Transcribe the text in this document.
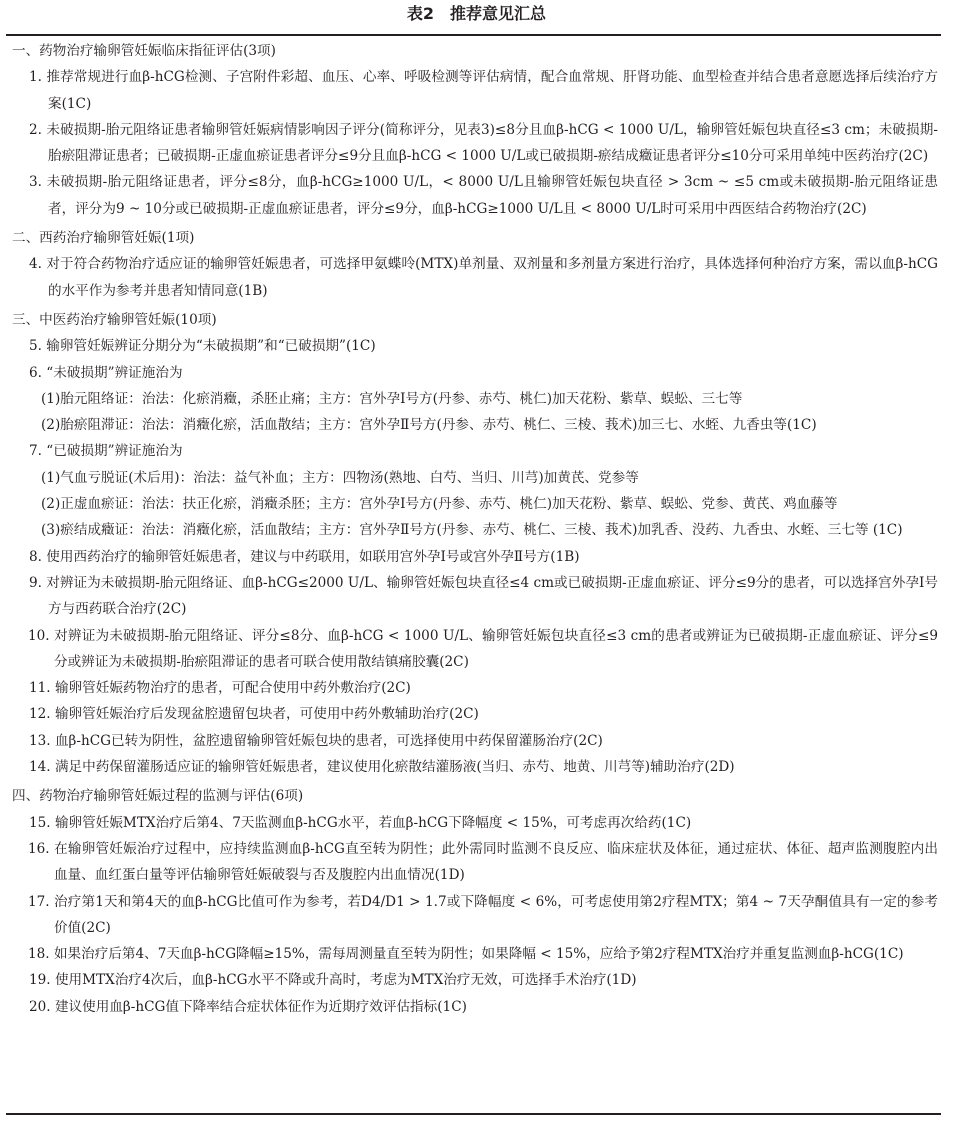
表2　推荐意见汇总

一、药物治疗输卵管妊娠临床指征评估(3项)

1. 推荐常规进行血β-hCG检测、子宫附件彩超、血压、心率、呼吸检测等评估病情，配合血常规、肝肾功能、血型检查并结合患者意愿选择后续治疗方案(1C)

2. 未破损期-胎元阻络证患者输卵管妊娠病情影响因子评分(简称评分，见表3)≤8分且血β-hCG < 1000 U/L，输卵管妊娠包块直径≤3 cm；未破损期-胎瘀阻滞证患者；已破损期-正虚血瘀证患者评分≤9分且血β-hCG < 1000 U/L或已破损期-瘀结成癥证患者评分≤10分可采用单纯中医药治疗(2C)

3. 未破损期-胎元阻络证患者，评分≤8分，血β-hCG≥1000 U/L，< 8000 U/L且输卵管妊娠包块直径 > 3cm ~ ≤5 cm或未破损期-胎元阻络证患者，评分为9 ~ 10分或已破损期-正虚血瘀证患者，评分≤9分，血β-hCG≥1000 U/L且 < 8000 U/L时可采用中西医结合药物治疗(2C)

二、西药治疗输卵管妊娠(1项)

4. 对于符合药物治疗适应证的输卵管妊娠患者，可选择甲氨蝶呤(MTX)单剂量、双剂量和多剂量方案进行治疗，具体选择何种治疗方案，需以血β-hCG的水平作为参考并患者知情同意(1B)

三、中医药治疗输卵管妊娠(10项)

5. 输卵管妊娠辨证分期分为“未破损期”和“已破损期”(1C)

6. “未破损期”辨证施治为

(1)胎元阻络证：治法：化瘀消癥，杀胚止痛；主方：宫外孕Ⅰ号方(丹参、赤芍、桃仁)加天花粉、紫草、蜈蚣、三七等

(2)胎瘀阻滞证：治法：消癥化瘀，活血散结；主方：宫外孕Ⅱ号方(丹参、赤芍、桃仁、三棱、莪术)加三七、水蛭、九香虫等(1C)

7. “已破损期”辨证施治为

(1)气血亏脱证(术后用)：治法：益气补血；主方：四物汤(熟地、白芍、当归、川芎)加黄芪、党参等

(2)正虚血瘀证：治法：扶正化瘀，消癥杀胚；主方：宫外孕Ⅰ号方(丹参、赤芍、桃仁)加天花粉、紫草、蜈蚣、党参、黄芪、鸡血藤等

(3)瘀结成癥证：治法：消癥化瘀，活血散结；主方：宫外孕Ⅱ号方(丹参、赤芍、桃仁、三棱、莪术)加乳香、没药、九香虫、水蛭、三七等 (1C)

8. 使用西药治疗的输卵管妊娠患者，建议与中药联用，如联用宫外孕Ⅰ号或宫外孕Ⅱ号方(1B)

9. 对辨证为未破损期-胎元阻络证、血β-hCG≤2000 U/L、输卵管妊娠包块直径≤4 cm或已破损期-正虚血瘀证、评分≤9分的患者，可以选择宫外孕Ⅰ号方与西药联合治疗(2C)

10. 对辨证为未破损期-胎元阻络证、评分≤8分、血β-hCG < 1000 U/L、输卵管妊娠包块直径≤3 cm的患者或辨证为已破损期-正虚血瘀证、评分≤9分或辨证为未破损期-胎瘀阻滞证的患者可联合使用散结镇痛胶囊(2C)

11. 输卵管妊娠药物治疗的患者，可配合使用中药外敷治疗(2C)

12. 输卵管妊娠治疗后发现盆腔遗留包块者，可使用中药外敷辅助治疗(2C)

13. 血β-hCG已转为阴性，盆腔遗留输卵管妊娠包块的患者，可选择使用中药保留灌肠治疗(2C)

14. 满足中药保留灌肠适应证的输卵管妊娠患者，建议使用化瘀散结灌肠液(当归、赤芍、地黄、川芎等)辅助治疗(2D)

四、药物治疗输卵管妊娠过程的监测与评估(6项)

15. 输卵管妊娠MTX治疗后第4、7天监测血β-hCG水平，若血β-hCG下降幅度 < 15%，可考虑再次给药(1C)

16. 在输卵管妊娠治疗过程中，应持续监测血β-hCG直至转为阴性；此外需同时监测不良反应、临床症状及体征，通过症状、体征、超声监测腹腔内出血量、血红蛋白量等评估输卵管妊娠破裂与否及腹腔内出血情况(1D)

17. 治疗第1天和第4天的血β-hCG比值可作为参考，若D4/D1 > 1.7或下降幅度 < 6%，可考虑使用第2疗程MTX；第4 ~ 7天孕酮值具有一定的参考价值(2C)

18. 如果治疗后第4、7天血β-hCG降幅≥15%，需每周测量直至转为阴性；如果降幅 < 15%，应给予第2疗程MTX治疗并重复监测血β-hCG(1C)

19. 使用MTX治疗4次后，血β-hCG水平不降或升高时，考虑为MTX治疗无效，可选择手术治疗(1D)

20. 建议使用血β-hCG值下降率结合症状体征作为近期疗效评估指标(1C)
